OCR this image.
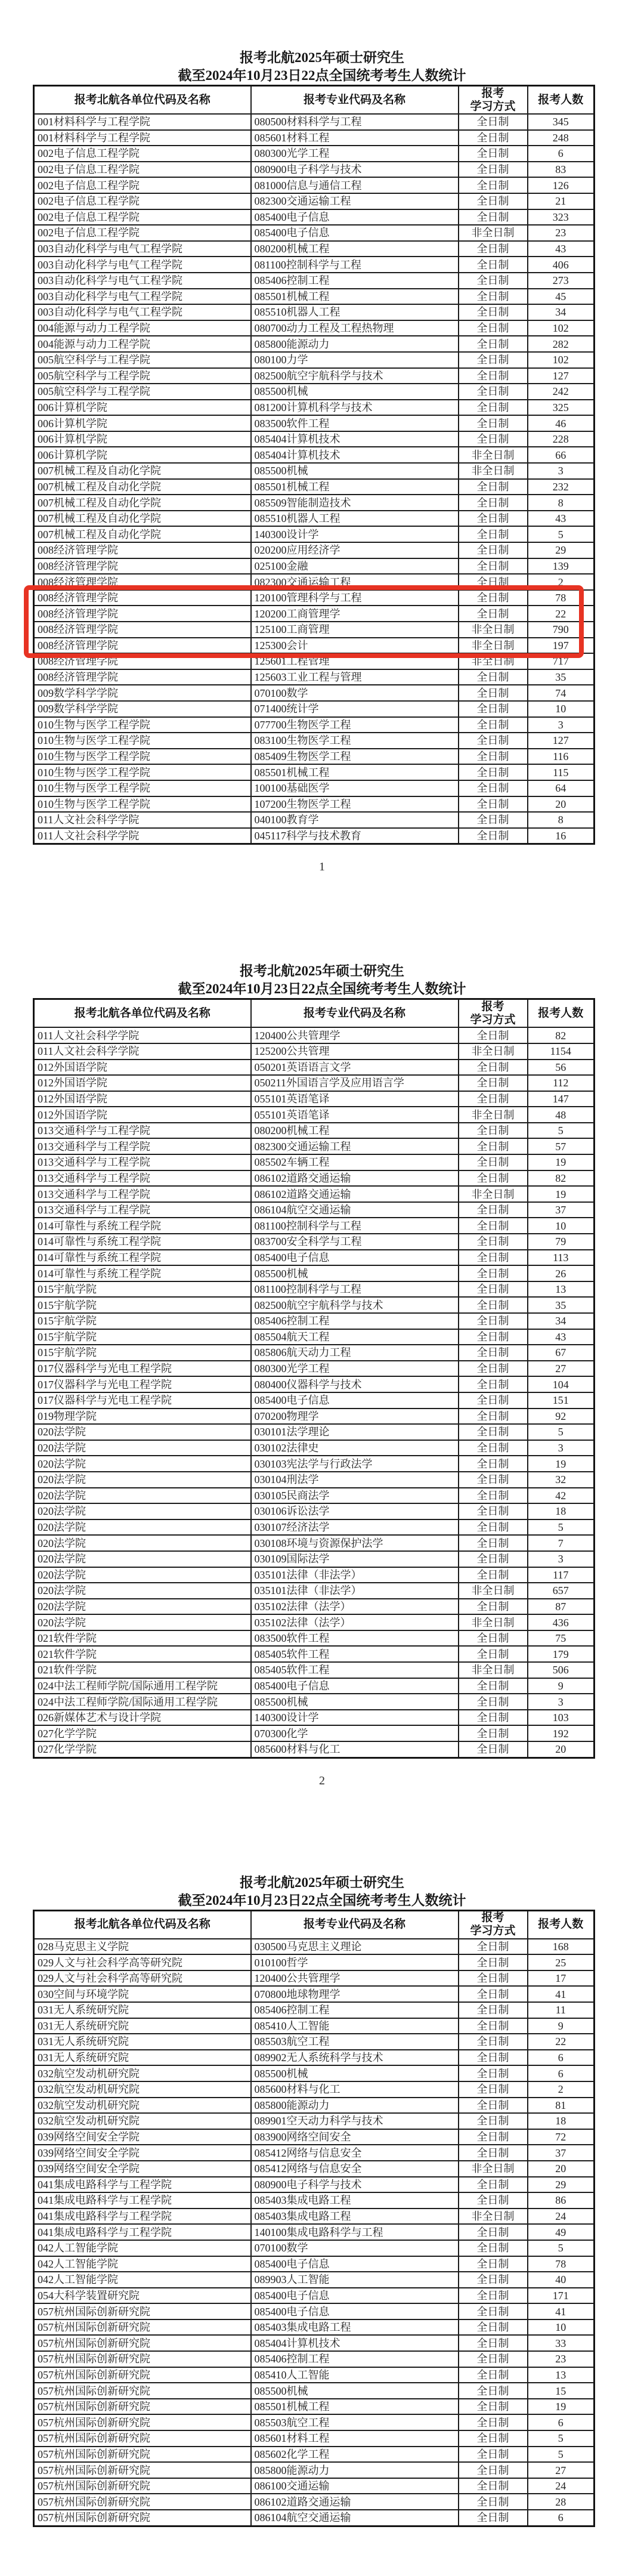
报考北航2025年硕士研究生
截至2024年10月23日22点全国统考考生人数统计
报考北航各单位代码及名称	报考专业代码及名称	报考
学习方式	报考人数
001材料科学与工程学院	080500材料科学与工程	全日制	345
001材料科学与工程学院	085601材料工程	全日制	248
002电子信息工程学院	080300光学工程	全日制	6
002电子信息工程学院	080900电子科学与技术	全日制	83
002电子信息工程学院	081000信息与通信工程	全日制	126
002电子信息工程学院	082300交通运输工程	全日制	21
002电子信息工程学院	085400电子信息	全日制	323
002电子信息工程学院	085400电子信息	非全日制	23
003自动化科学与电气工程学院	080200机械工程	全日制	43
003自动化科学与电气工程学院	081100控制科学与工程	全日制	406
003自动化科学与电气工程学院	085406控制工程	全日制	273
003自动化科学与电气工程学院	085501机械工程	全日制	45
003自动化科学与电气工程学院	085510机器人工程	全日制	34
004能源与动力工程学院	080700动力工程及工程热物理	全日制	102
004能源与动力工程学院	085800能源动力	全日制	282
005航空科学与工程学院	080100力学	全日制	102
005航空科学与工程学院	082500航空宇航科学与技术	全日制	127
005航空科学与工程学院	085500机械	全日制	242
006计算机学院	081200计算机科学与技术	全日制	325
006计算机学院	083500软件工程	全日制	46
006计算机学院	085404计算机技术	全日制	228
006计算机学院	085404计算机技术	非全日制	66
007机械工程及自动化学院	085500机械	非全日制	3
007机械工程及自动化学院	085501机械工程	全日制	232
007机械工程及自动化学院	085509智能制造技术	全日制	8
007机械工程及自动化学院	085510机器人工程	全日制	43
007机械工程及自动化学院	140300设计学	全日制	5
008经济管理学院	020200应用经济学	全日制	29
008经济管理学院	025100金融	全日制	139
008经济管理学院	082300交通运输工程	全日制	2
008经济管理学院	120100管理科学与工程	全日制	78
008经济管理学院	120200工商管理学	全日制	22
008经济管理学院	125100工商管理	非全日制	790
008经济管理学院	125300会计	非全日制	197
008经济管理学院	125601工程管理	非全日制	717
008经济管理学院	125603工业工程与管理	全日制	35
009数学科学学院	070100数学	全日制	74
009数学科学学院	071400统计学	全日制	10
010生物与医学工程学院	077700生物医学工程	全日制	3
010生物与医学工程学院	083100生物医学工程	全日制	127
010生物与医学工程学院	085409生物医学工程	全日制	116
010生物与医学工程学院	085501机械工程	全日制	115
010生物与医学工程学院	100100基础医学	全日制	64
010生物与医学工程学院	107200生物医学工程	全日制	20
011人文社会科学学院	040100教育学	全日制	8
011人文社会科学学院	045117科学与技术教育	全日制	16
1
报考北航2025年硕士研究生
截至2024年10月23日22点全国统考考生人数统计
报考北航各单位代码及名称	报考专业代码及名称	报考
学习方式	报考人数
011人文社会科学学院	120400公共管理学	全日制	82
011人文社会科学学院	125200公共管理	非全日制	1154
012外国语学院	050201英语语言文学	全日制	56
012外国语学院	050211外国语言学及应用语言学	全日制	112
012外国语学院	055101英语笔译	全日制	147
012外国语学院	055101英语笔译	非全日制	48
013交通科学与工程学院	080200机械工程	全日制	5
013交通科学与工程学院	082300交通运输工程	全日制	57
013交通科学与工程学院	085502车辆工程	全日制	19
013交通科学与工程学院	086102道路交通运输	全日制	82
013交通科学与工程学院	086102道路交通运输	非全日制	19
013交通科学与工程学院	086104航空交通运输	全日制	37
014可靠性与系统工程学院	081100控制科学与工程	全日制	10
014可靠性与系统工程学院	083700安全科学与工程	全日制	79
014可靠性与系统工程学院	085400电子信息	全日制	113
014可靠性与系统工程学院	085500机械	全日制	26
015宇航学院	081100控制科学与工程	全日制	13
015宇航学院	082500航空宇航科学与技术	全日制	35
015宇航学院	085406控制工程	全日制	34
015宇航学院	085504航天工程	全日制	43
015宇航学院	085806航天动力工程	全日制	67
017仪器科学与光电工程学院	080300光学工程	全日制	27
017仪器科学与光电工程学院	080400仪器科学与技术	全日制	104
017仪器科学与光电工程学院	085400电子信息	全日制	151
019物理学院	070200物理学	全日制	92
020法学院	030101法学理论	全日制	5
020法学院	030102法律史	全日制	3
020法学院	030103宪法学与行政法学	全日制	19
020法学院	030104刑法学	全日制	32
020法学院	030105民商法学	全日制	42
020法学院	030106诉讼法学	全日制	18
020法学院	030107经济法学	全日制	5
020法学院	030108环境与资源保护法学	全日制	7
020法学院	030109国际法学	全日制	3
020法学院	035101法律（非法学）	全日制	117
020法学院	035101法律（非法学）	非全日制	657
020法学院	035102法律（法学）	全日制	87
020法学院	035102法律（法学）	非全日制	436
021软件学院	083500软件工程	全日制	75
021软件学院	085405软件工程	全日制	179
021软件学院	085405软件工程	非全日制	506
024中法工程师学院/国际通用工程学院	085400电子信息	全日制	9
024中法工程师学院/国际通用工程学院	085500机械	全日制	3
026新媒体艺术与设计学院	140300设计学	全日制	103
027化学学院	070300化学	全日制	192
027化学学院	085600材料与化工	全日制	20
2
报考北航2025年硕士研究生
截至2024年10月23日22点全国统考考生人数统计
报考北航各单位代码及名称	报考专业代码及名称	报考
学习方式	报考人数
028马克思主义学院	030500马克思主义理论	全日制	168
029人文与社会科学高等研究院	010100哲学	全日制	25
029人文与社会科学高等研究院	120400公共管理学	全日制	17
030空间与环境学院	070800地球物理学	全日制	41
031无人系统研究院	085406控制工程	全日制	11
031无人系统研究院	085410人工智能	全日制	9
031无人系统研究院	085503航空工程	全日制	22
031无人系统研究院	089902无人系统科学与技术	全日制	6
032航空发动机研究院	085500机械	全日制	6
032航空发动机研究院	085600材料与化工	全日制	2
032航空发动机研究院	085800能源动力	全日制	81
032航空发动机研究院	089901空天动力科学与技术	全日制	18
039网络空间安全学院	083900网络空间安全	全日制	72
039网络空间安全学院	085412网络与信息安全	全日制	37
039网络空间安全学院	085412网络与信息安全	非全日制	20
041集成电路科学与工程学院	080900电子科学与技术	全日制	29
041集成电路科学与工程学院	085403集成电路工程	全日制	86
041集成电路科学与工程学院	085403集成电路工程	非全日制	24
041集成电路科学与工程学院	140100集成电路科学与工程	全日制	49
042人工智能学院	070100数学	全日制	5
042人工智能学院	085400电子信息	全日制	78
042人工智能学院	089903人工智能	全日制	40
054大科学装置研究院	085400电子信息	全日制	171
057杭州国际创新研究院	085400电子信息	全日制	41
057杭州国际创新研究院	085403集成电路工程	全日制	10
057杭州国际创新研究院	085404计算机技术	全日制	33
057杭州国际创新研究院	085406控制工程	全日制	23
057杭州国际创新研究院	085410人工智能	全日制	13
057杭州国际创新研究院	085500机械	全日制	15
057杭州国际创新研究院	085501机械工程	全日制	19
057杭州国际创新研究院	085503航空工程	全日制	6
057杭州国际创新研究院	085601材料工程	全日制	5
057杭州国际创新研究院	085602化学工程	全日制	5
057杭州国际创新研究院	085800能源动力	全日制	27
057杭州国际创新研究院	086100交通运输	全日制	24
057杭州国际创新研究院	086102道路交通运输	全日制	28
057杭州国际创新研究院	086104航空交通运输	全日制	6
